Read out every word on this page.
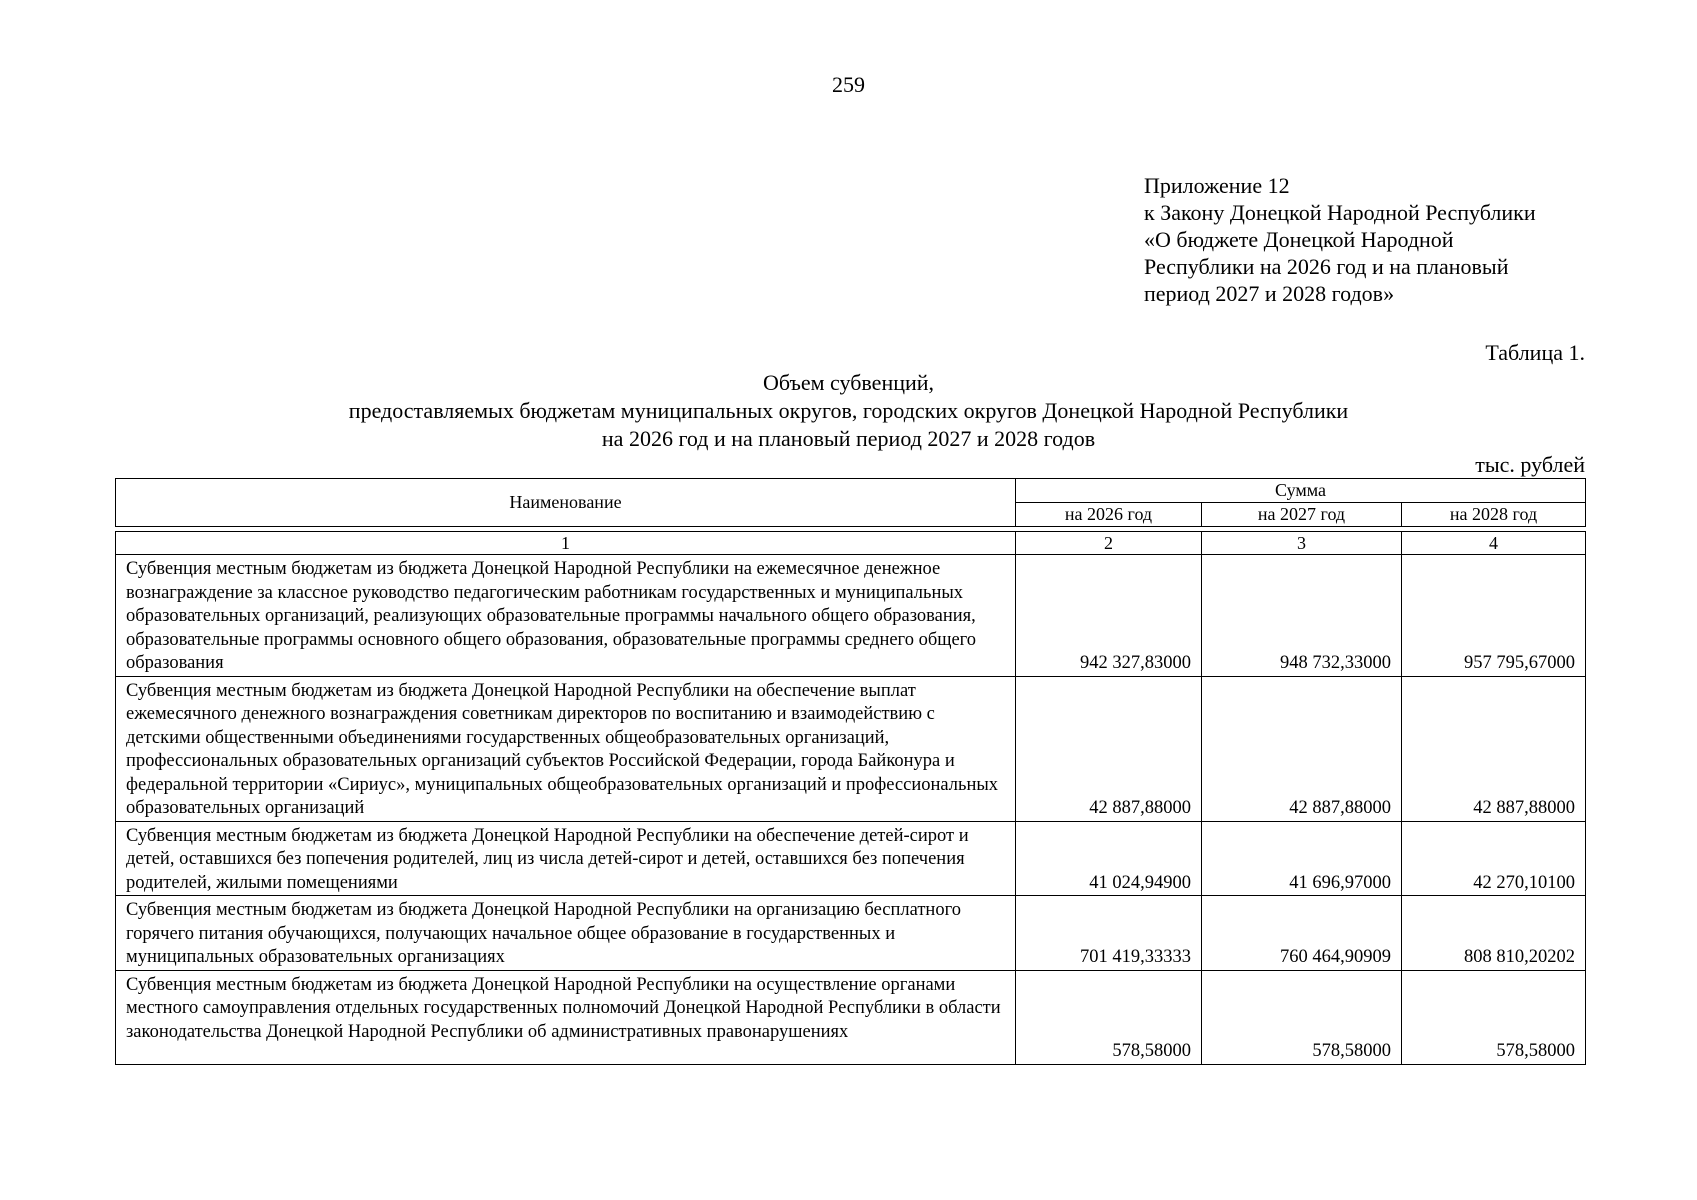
259
Приложение 12
к Закону Донецкой Народной Республики
«О бюджете Донецкой Народной
Республики на 2026 год и на плановый
период 2027 и 2028 годов»
Таблица 1.
Объем субвенций,
предоставляемых бюджетам муниципальных округов, городских округов Донецкой Народной Республики
на 2026 год и на плановый период 2027 и 2028 годов
тыс. рублей
Наименование	Сумма		
	на 2026 год	на 2027 год	на 2028 год
1	2	3	4
Субвенция местным бюджетам из бюджета Донецкой Народной Республики на ежемесячное денежное вознаграждение за классное руководство педагогическим работникам государственных и муниципальных образовательных организаций, реализующих образовательные программы начального общего образования, образовательные программы основного общего образования, образовательные программы среднего общего образования	942 327,83000	948 732,33000	957 795,67000
Субвенция местным бюджетам из бюджета Донецкой Народной Республики на обеспечение выплат ежемесячного денежного вознаграждения советникам директоров по воспитанию и взаимодействию с детскими общественными объединениями государственных общеобразовательных организаций, профессиональных образовательных организаций субъектов Российской Федерации, города Байконура и федеральной территории «Сириус», муниципальных общеобразовательных организаций и профессиональных образовательных организаций	42 887,88000	42 887,88000	42 887,88000
Субвенция местным бюджетам из бюджета Донецкой Народной Республики на обеспечение детей-сирот и детей, оставшихся без попечения родителей, лиц из числа детей-сирот и детей, оставшихся без попечения родителей, жилыми помещениями	41 024,94900	41 696,97000	42 270,10100
Субвенция местным бюджетам из бюджета Донецкой Народной Республики на организацию бесплатного горячего питания обучающихся, получающих начальное общее образование в государственных и муниципальных образовательных организациях	701 419,33333	760 464,90909	808 810,20202
Субвенция местным бюджетам из бюджета Донецкой Народной Республики на осуществление органами местного самоуправления отдельных государственных полномочий Донецкой Народной Республики в области законодательства Донецкой Народной Республики об административных правонарушениях	578,58000	578,58000	578,58000
